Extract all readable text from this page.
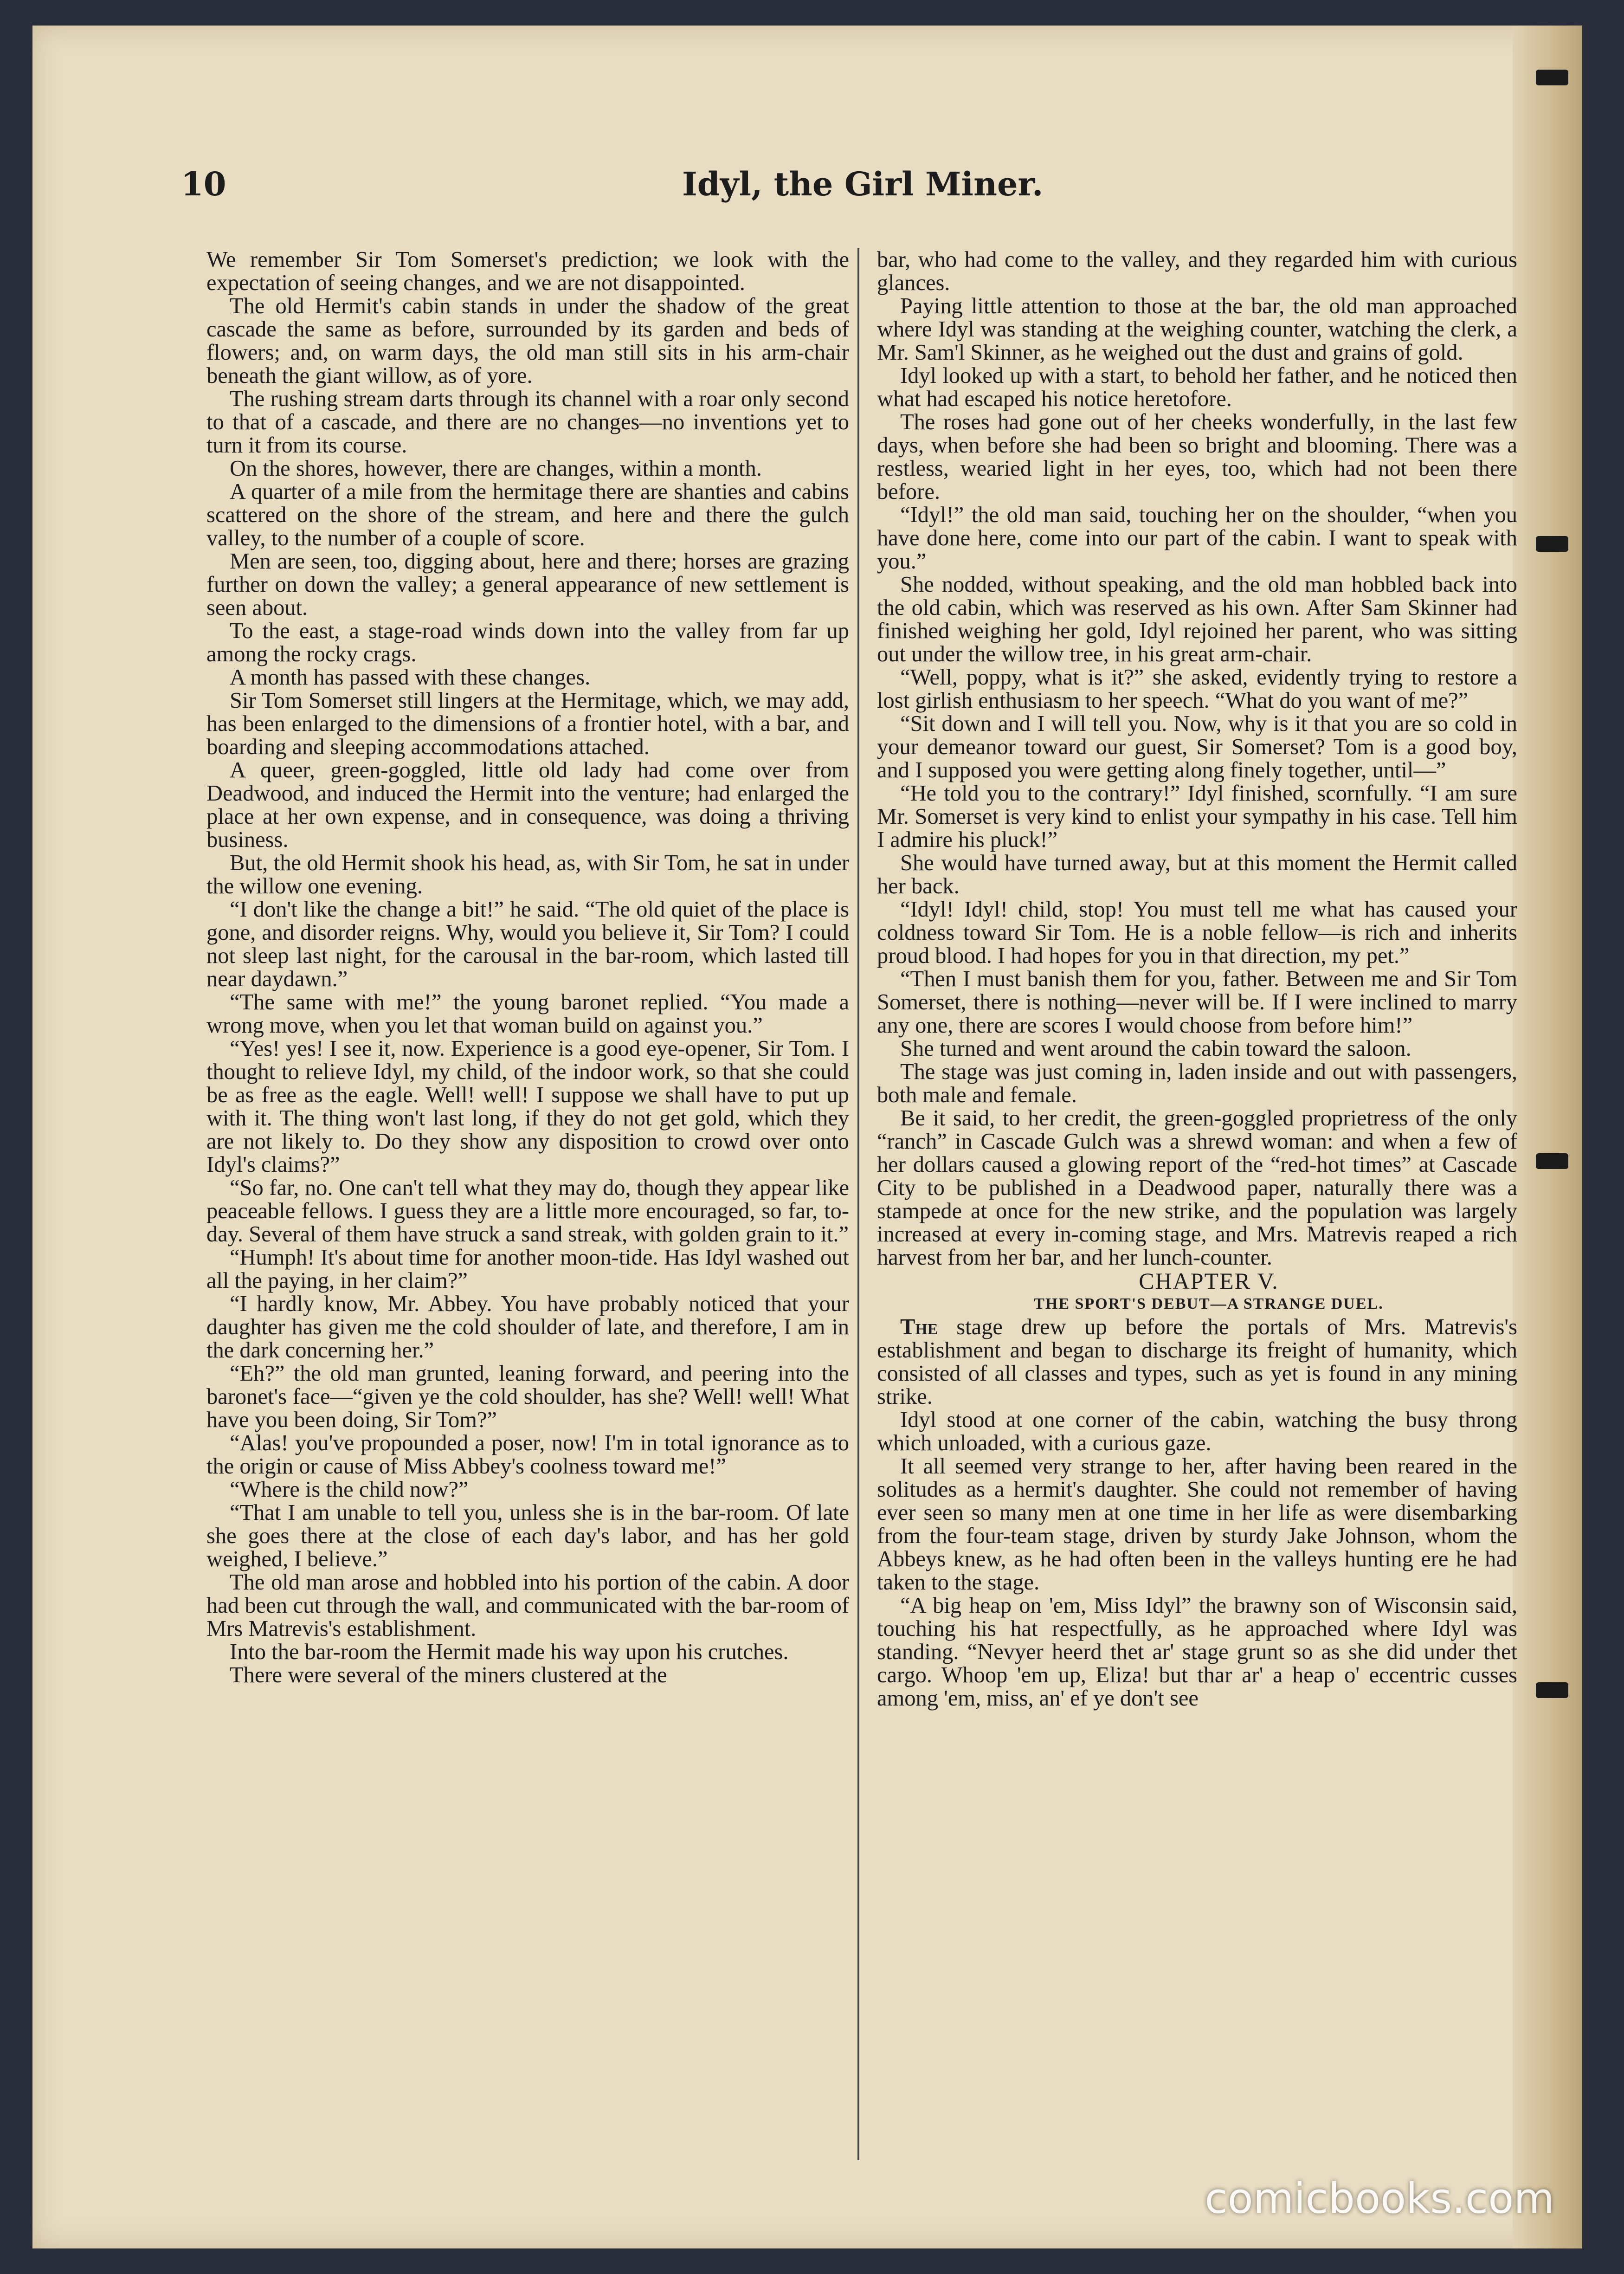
10	Idyl, the Girl Miner.

We remember Sir Tom Somerset's prediction; we look with the expectation of seeing changes, and we are not disappointed.

The old Hermit's cabin stands in under the shadow of the great cascade the same as before, surrounded by its garden and beds of flowers; and, on warm days, the old man still sits in his arm-chair beneath the giant willow, as of yore.

The rushing stream darts through its channel with a roar only second to that of a cascade, and there are no changes—no inventions yet to turn it from its course.

On the shores, however, there are changes, within a month.

A quarter of a mile from the hermitage there are shanties and cabins scattered on the shore of the stream, and here and there the gulch valley, to the number of a couple of score.

Men are seen, too, digging about, here and there; horses are grazing further on down the valley; a general appearance of new settlement is seen about.

To the east, a stage-road winds down into the valley from far up among the rocky crags.

A month has passed with these changes.

Sir Tom Somerset still lingers at the Hermitage, which, we may add, has been enlarged to the dimensions of a frontier hotel, with a bar, and boarding and sleeping accommodations attached.

A queer, green-goggled, little old lady had come over from Deadwood, and induced the Hermit into the venture; had enlarged the place at her own expense, and in consequence, was doing a thriving business.

But, the old Hermit shook his head, as, with Sir Tom, he sat in under the willow one evening.

“I don't like the change a bit!” he said. “The old quiet of the place is gone, and disorder reigns. Why, would you believe it, Sir Tom? I could not sleep last night, for the carousal in the bar-room, which lasted till near daydawn.”

“The same with me!” the young baronet replied. “You made a wrong move, when you let that woman build on against you.”

“Yes! yes! I see it, now. Experience is a good eye-opener, Sir Tom. I thought to relieve Idyl, my child, of the indoor work, so that she could be as free as the eagle. Well! well! I suppose we shall have to put up with it. The thing won't last long, if they do not get gold, which they are not likely to. Do they show any disposition to crowd over onto Idyl's claims?”

“So far, no. One can't tell what they may do, though they appear like peaceable fellows. I guess they are a little more encouraged, so far, to-day. Several of them have struck a sand streak, with golden grain to it.”

“Humph! It's about time for another moon-tide. Has Idyl washed out all the paying, in her claim?”

“I hardly know, Mr. Abbey. You have probably noticed that your daughter has given me the cold shoulder of late, and therefore, I am in the dark concerning her.”

“Eh?” the old man grunted, leaning forward, and peering into the baronet's face—“given ye the cold shoulder, has she? Well! well! What have you been doing, Sir Tom?”

“Alas! you've propounded a poser, now! I'm in total ignorance as to the origin or cause of Miss Abbey's coolness toward me!”

“Where is the child now?”

“That I am unable to tell you, unless she is in the bar-room. Of late she goes there at the close of each day's labor, and has her gold weighed, I believe.”

The old man arose and hobbled into his portion of the cabin. A door had been cut through the wall, and communicated with the bar-room of Mrs Matrevis's establishment.

Into the bar-room the Hermit made his way upon his crutches.

There were several of the miners clustered at the

bar, who had come to the valley, and they regarded him with curious glances.

Paying little attention to those at the bar, the old man approached where Idyl was standing at the weighing counter, watching the clerk, a Mr. Sam'l Skinner, as he weighed out the dust and grains of gold.

Idyl looked up with a start, to behold her father, and he noticed then what had escaped his notice heretofore.

The roses had gone out of her cheeks wonderfully, in the last few days, when before she had been so bright and blooming. There was a restless, wearied light in her eyes, too, which had not been there before.

“Idyl!” the old man said, touching her on the shoulder, “when you have done here, come into our part of the cabin. I want to speak with you.”

She nodded, without speaking, and the old man hobbled back into the old cabin, which was reserved as his own. After Sam Skinner had finished weighing her gold, Idyl rejoined her parent, who was sitting out under the willow tree, in his great arm-chair.

“Well, poppy, what is it?” she asked, evidently trying to restore a lost girlish enthusiasm to her speech. “What do you want of me?”

“Sit down and I will tell you. Now, why is it that you are so cold in your demeanor toward our guest, Sir Somerset? Tom is a good boy, and I supposed you were getting along finely together, until—”

“He told you to the contrary!” Idyl finished, scornfully. “I am sure Mr. Somerset is very kind to enlist your sympathy in his case. Tell him I admire his pluck!”

She would have turned away, but at this moment the Hermit called her back.

“Idyl! Idyl! child, stop! You must tell me what has caused your coldness toward Sir Tom. He is a noble fellow—is rich and inherits proud blood. I had hopes for you in that direction, my pet.”

“Then I must banish them for you, father. Between me and Sir Tom Somerset, there is nothing—never will be. If I were inclined to marry any one, there are scores I would choose from before him!”

She turned and went around the cabin toward the saloon.

The stage was just coming in, laden inside and out with passengers, both male and female.

Be it said, to her credit, the green-goggled proprietress of the only “ranch” in Cascade Gulch was a shrewd woman: and when a few of her dollars caused a glowing report of the “red-hot times” at Cascade City to be published in a Deadwood paper, naturally there was a stampede at once for the new strike, and the population was largely increased at every in-coming stage, and Mrs. Matrevis reaped a rich harvest from her bar, and her lunch-counter.

CHAPTER V.

THE SPORT'S DEBUT—A STRANGE DUEL.

The stage drew up before the portals of Mrs. Matrevis's establishment and began to discharge its freight of humanity, which consisted of all classes and types, such as yet is found in any mining strike.

Idyl stood at one corner of the cabin, watching the busy throng which unloaded, with a curious gaze.

It all seemed very strange to her, after having been reared in the solitudes as a hermit's daughter. She could not remember of having ever seen so many men at one time in her life as were disembarking from the four-team stage, driven by sturdy Jake Johnson, whom the Abbeys knew, as he had often been in the valleys hunting ere he had taken to the stage.

“A big heap on 'em, Miss Idyl” the brawny son of Wisconsin said, touching his hat respectfully, as he approached where Idyl was standing. “Nevyer heerd thet ar' stage grunt so as she did under thet cargo. Whoop 'em up, Eliza! but thar ar' a heap o' eccentric cusses among 'em, miss, an' ef ye don't see

comicbooks.com
